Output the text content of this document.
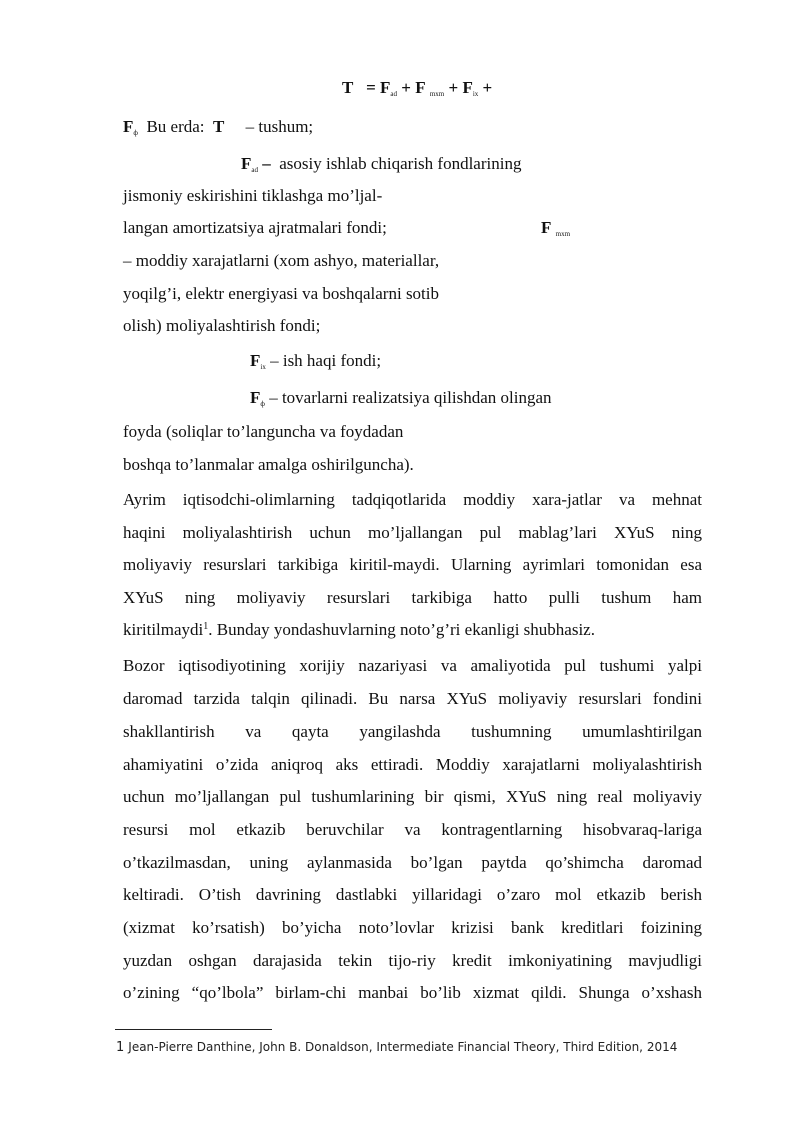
$T = F_{ad} + F$ $_{mxm} + F_{ix}$ +
$F_ф$ Bu erda: T – tushum;
$F_{ad}$ – asosiy ishlab chiqarish fondlarining
jismoniy eskirishini tiklashga mo’ljal-
langan amortizatsiya ajratmalari fondi;	F $_{mxm}$
– moddiy xarajatlarni (xom ashyo, materiallar,
yoqilg’i, elektr energiyasi va boshqalarni sotib
olish) moliyalashtirish fondi;
$F_{ix}$ – ish haqi fondi;
$F_ф$ – tovarlarni realizatsiya qilishdan olingan
foyda (soliqlar to’languncha va foydadan
boshqa to’lanmalar amalga oshirilguncha).
Ayrim iqtisodchi-olimlarning tadqiqotlarida moddiy xara-jatlar va mehnat
haqini moliyalashtirish uchun mo’ljallangan pul mablag’lari XYuS ning
moliyaviy resurslari tarkibiga kiritil-maydi. Ularning ayrimlari tomonidan esa
XYuS ning moliyaviy resurslari tarkibiga hatto pulli tushum ham
kiritilmaydi$^1$. Bunday yondashuvlarning noto’g’ri ekanligi shubhasiz.
Bozor iqtisodiyotining xorijiy nazariyasi va amaliyotida pul tushumi yalpi
daromad tarzida talqin qilinadi. Bu narsa XYuS moliyaviy resurslari fondini
shakllantirish va qayta yangilashda tushumning umumlashtirilgan
ahamiyatini o’zida aniqroq aks ettiradi. Moddiy xarajatlarni moliyalashtirish
uchun mo’ljallangan pul tushumlarining bir qismi, XYuS ning real moliyaviy
resursi mol etkazib beruvchilar va kontragentlarning hisobvaraq-lariga
o’tkazilmasdan, uning aylanmasida bo’lgan paytda qo’shimcha daromad
keltiradi. O’tish davrining dastlabki yillaridagi o’zaro mol etkazib berish
(xizmat ko’rsatish) bo’yicha noto’lovlar krizisi bank kreditlari foizining
yuzdan oshgan darajasida tekin tijo-riy kredit imkoniyatining mavjudligi
o’zining “qo’lbola” birlam-chi manbai bo’lib xizmat qildi. Shunga o’xshash
1 Jean-Pierre Danthine, John B. Donaldson, Intermediate Financial Theory, Third Edition, 2014
